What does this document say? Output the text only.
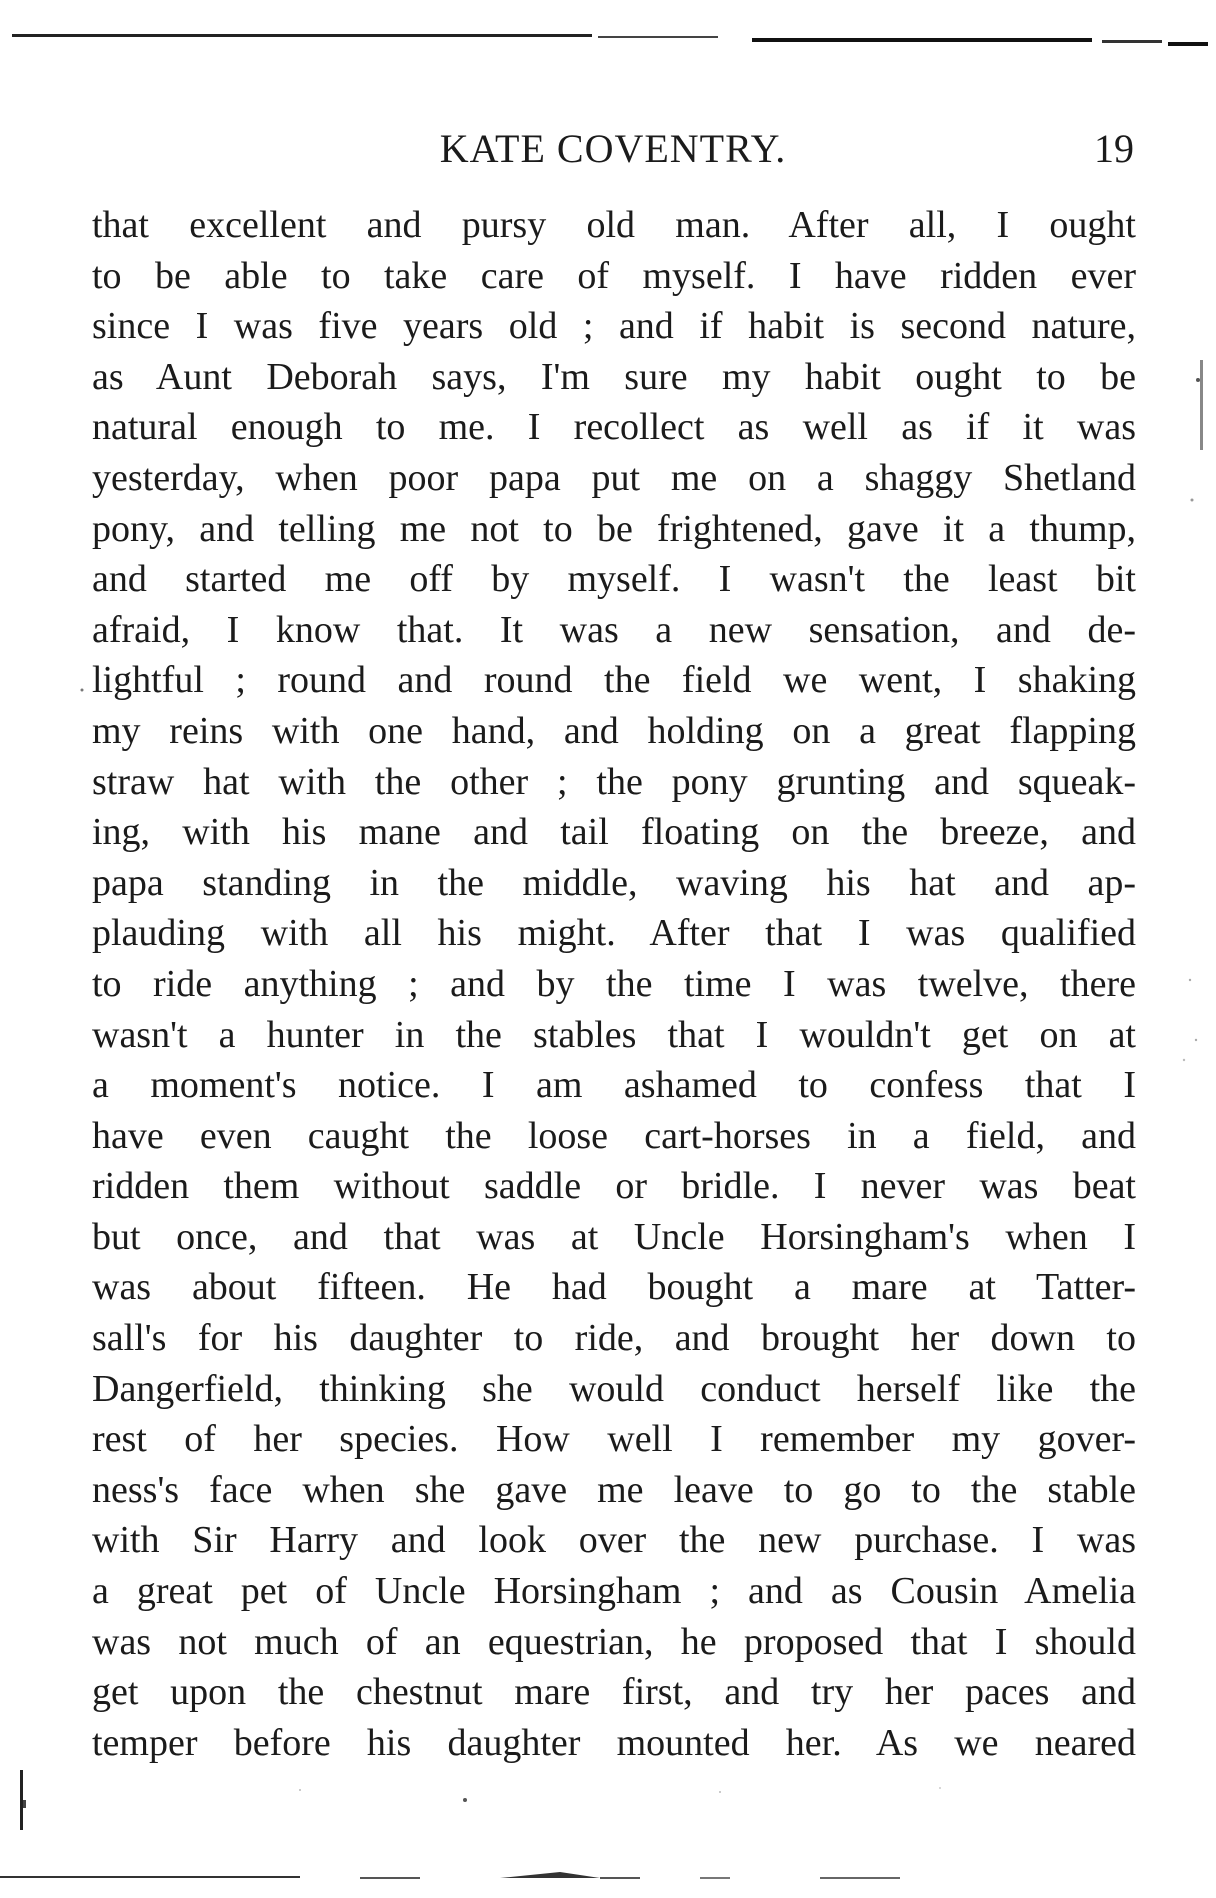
KATE COVENTRY.	19
that excellent and pursy old man. After all, I ought
to be able to take care of myself. I have ridden ever
since I was five years old ; and if habit is second nature,
as Aunt Deborah says, I'm sure my habit ought to be
natural enough to me. I recollect as well as if it was
yesterday, when poor papa put me on a shaggy Shetland
pony, and telling me not to be frightened, gave it a thump,
and started me off by myself. I wasn't the least bit
afraid, I know that. It was a new sensation, and de-
lightful ; round and round the field we went, I shaking
my reins with one hand, and holding on a great flapping
straw hat with the other ; the pony grunting and squeak-
ing, with his mane and tail floating on the breeze, and
papa standing in the middle, waving his hat and ap-
plauding with all his might. After that I was qualified
to ride anything ; and by the time I was twelve, there
wasn't a hunter in the stables that I wouldn't get on at
a moment's notice. I am ashamed to confess that I
have even caught the loose cart-horses in a field, and
ridden them without saddle or bridle. I never was beat
but once, and that was at Uncle Horsingham's when I
was about fifteen. He had bought a mare at Tatter-
sall's for his daughter to ride, and brought her down to
Dangerfield, thinking she would conduct herself like the
rest of her species. How well I remember my gover-
ness's face when she gave me leave to go to the stable
with Sir Harry and look over the new purchase. I was
a great pet of Uncle Horsingham ; and as Cousin Amelia
was not much of an equestrian, he proposed that I should
get upon the chestnut mare first, and try her paces and
temper before his daughter mounted her. As we neared
